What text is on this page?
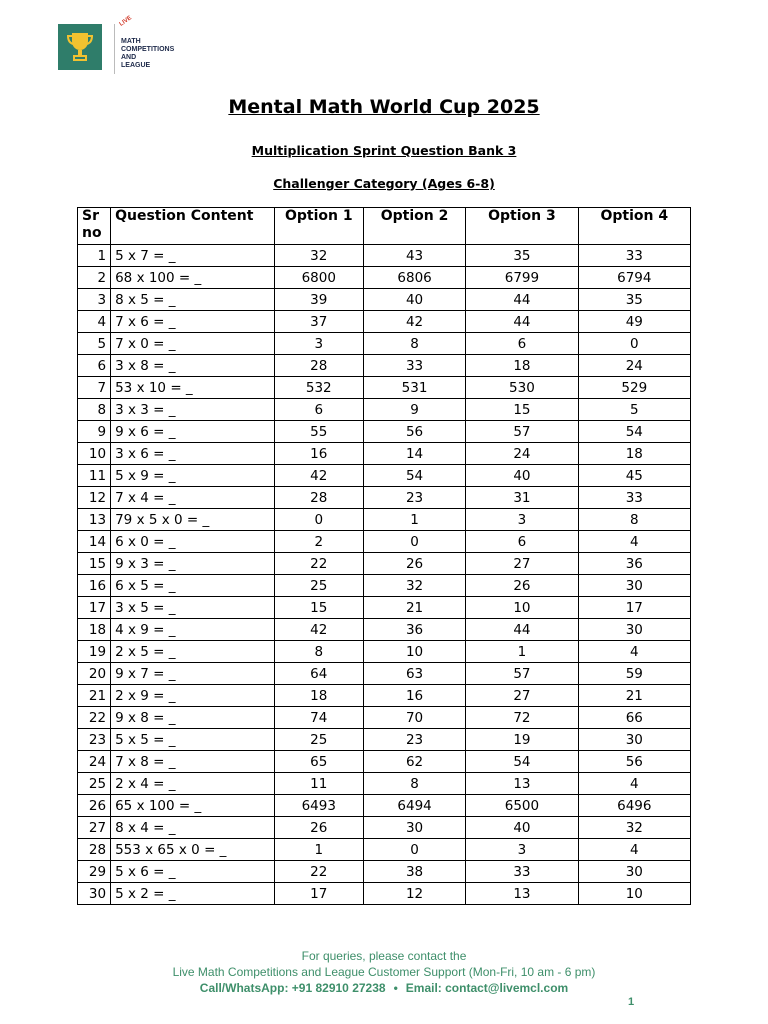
LIVE
MATH
COMPETITIONS
AND
LEAGUE
Mental Math World Cup 2025
Multiplication Sprint Question Bank 3
Challenger Category (Ages 6-8)
Sr no	Question Content	Option 1	Option 2	Option 3	Option 4
1	5 x 7 = _	32	43	35	33
2	68 x 100 = _	6800	6806	6799	6794
3	8 x 5 = _	39	40	44	35
4	7 x 6 = _	37	42	44	49
5	7 x 0 = _	3	8	6	0
6	3 x 8 = _	28	33	18	24
7	53 x 10 = _	532	531	530	529
8	3 x 3 = _	6	9	15	5
9	9 x 6 = _	55	56	57	54
10	3 x 6 = _	16	14	24	18
11	5 x 9 = _	42	54	40	45
12	7 x 4 = _	28	23	31	33
13	79 x 5 x 0 = _	0	1	3	8
14	6 x 0 = _	2	0	6	4
15	9 x 3 = _	22	26	27	36
16	6 x 5 = _	25	32	26	30
17	3 x 5 = _	15	21	10	17
18	4 x 9 = _	42	36	44	30
19	2 x 5 = _	8	10	1	4
20	9 x 7 = _	64	63	57	59
21	2 x 9 = _	18	16	27	21
22	9 x 8 = _	74	70	72	66
23	5 x 5 = _	25	23	19	30
24	7 x 8 = _	65	62	54	56
25	2 x 4 = _	11	8	13	4
26	65 x 100 = _	6493	6494	6500	6496
27	8 x 4 = _	26	30	40	32
28	553 x 65 x 0 = _	1	0	3	4
29	5 x 6 = _	22	38	33	30
30	5 x 2 = _	17	12	13	10
For queries, please contact the
Live Math Competitions and League Customer Support (Mon-Fri, 10 am - 6 pm)
Call/WhatsApp: +91 82910 27238 • Email: contact@livemcl.com
1
